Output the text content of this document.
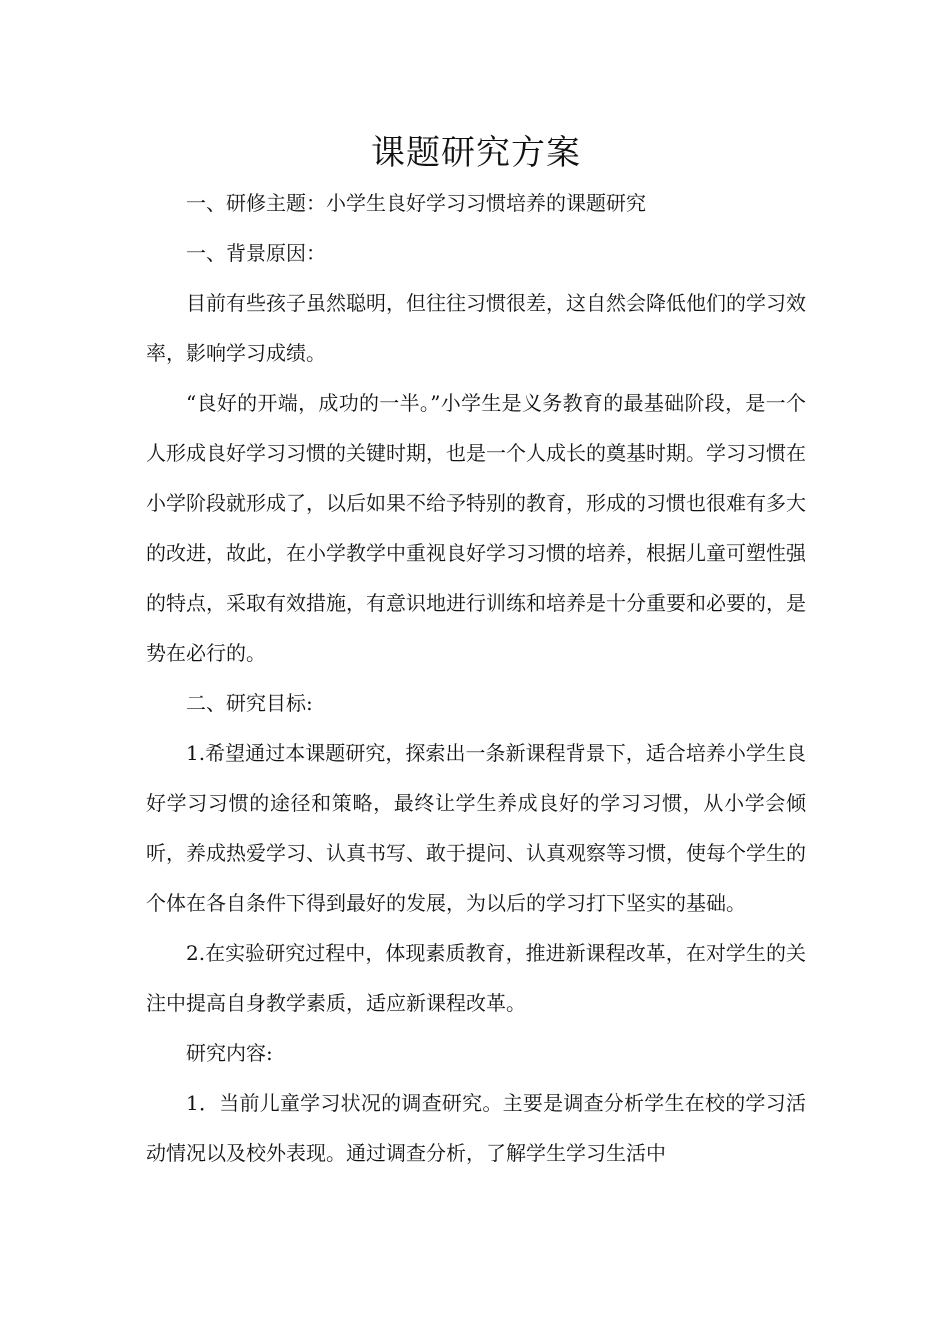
课题研究方案

一、研修主题：小学生良好学习习惯培养的课题研究

一、背景原因：

目前有些孩子虽然聪明，但往往习惯很差，这自然会降低他们的学习效率，影响学习成绩。

“良好的开端，成功的一半。”小学生是义务教育的最基础阶段，是一个人形成良好学习习惯的关键时期，也是一个人成长的奠基时期。学习习惯在小学阶段就形成了，以后如果不给予特别的教育，形成的习惯也很难有多大的改进，故此，在小学教学中重视良好学习习惯的培养，根据儿童可塑性强的特点，采取有效措施，有意识地进行训练和培养是十分重要和必要的，是势在必行的。

二、研究目标:

1.希望通过本课题研究，探索出一条新课程背景下，适合培养小学生良好学习习惯的途径和策略，最终让学生养成良好的学习习惯，从小学会倾听，养成热爱学习、认真书写、敢于提问、认真观察等习惯，使每个学生的个体在各自条件下得到最好的发展，为以后的学习打下坚实的基础。

2.在实验研究过程中，体现素质教育，推进新课程改革，在对学生的关注中提高自身教学素质，适应新课程改革。

研究内容:

1．当前儿童学习状况的调查研究。主要是调查分析学生在校的学习活动情况以及校外表现。通过调查分析，了解学生学习生活中
